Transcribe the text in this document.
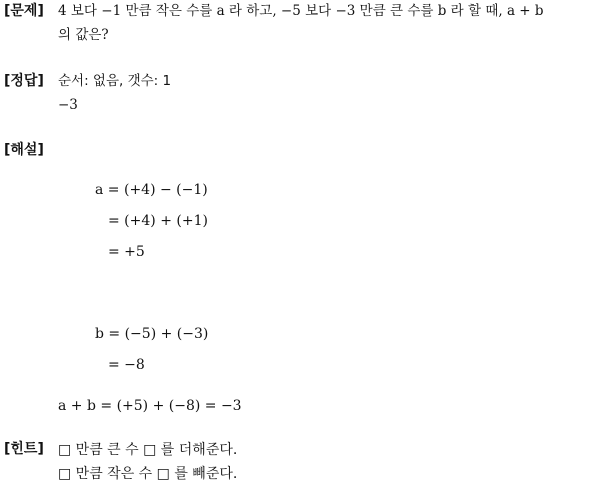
[문제] 4 보다 −1 만큼 작은 수를 a 라 하고, −5 보다 −3 만큼 큰 수를 b 라 할 때, a + b
의 값은?
[정답] 순서: 없음, 갯수: 1
−3
[해설]
a = (+4) − (−1)
= (+4) + (+1)
= +5
b = (−5) + (−3)
= −8
a + b = (+5) + (−8) = −3
[힌트] □ 만큼 큰 수 □ 를 더해준다.
□ 만큼 작은 수 □ 를 빼준다.
